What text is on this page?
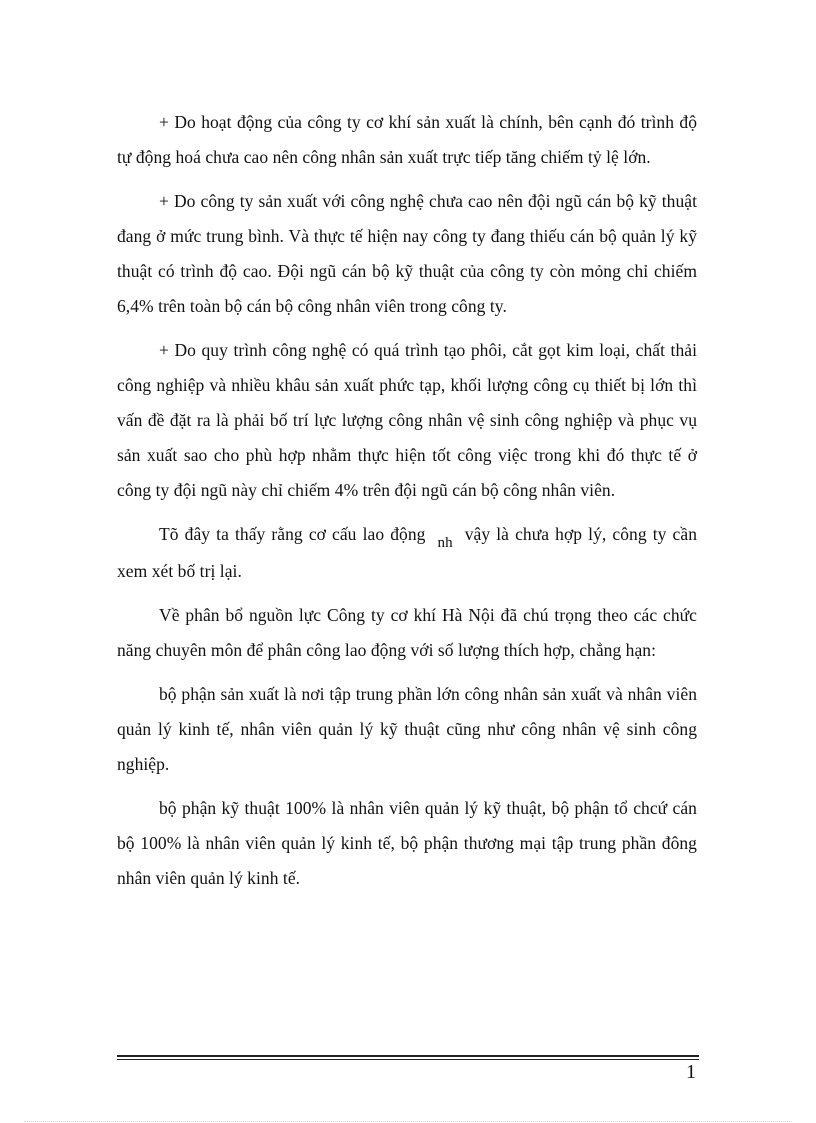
+ Do hoạt động của công ty cơ khí sản xuất là chính, bên cạnh đó trình độ tự động hoá chưa cao nên công nhân sản xuất trực tiếp tăng chiếm tỷ lệ lớn.

+ Do công ty sản xuất với công nghệ chưa cao nên đội ngũ cán bộ kỹ thuật đang ở mức trung bình. Và thực tế hiện nay công ty đang thiếu cán bộ quản lý kỹ thuật có trình độ cao. Đội ngũ cán bộ kỹ thuật của công ty còn mỏng chỉ chiếm 6,4% trên toàn bộ cán bộ công nhân viên trong công ty.

+ Do quy trình công nghệ có quá trình tạo phôi, cắt gọt kim loại, chất thải công nghiệp và nhiều khâu sản xuất phức tạp, khối lượng công cụ thiết bị lớn thì vấn đề đặt ra là phải bố trí lực lượng công nhân vệ sinh công nghiệp và phục vụ sản xuất sao cho phù hợp nhằm thực hiện tốt công việc trong khi đó thực tế ở công ty đội ngũ này chỉ chiếm 4% trên đội ngũ cán bộ công nhân viên.

Tõ đây ta thấy rằng cơ cấu lao động nh vậy là chưa hợp lý, công ty cần xem xét bố trị lại.

Về phân bổ nguồn lực Công ty cơ khí Hà Nội đã chú trọng theo các chức năng chuyên môn để phân công lao động với số lượng thích hợp, chẳng hạn:

bộ phận sản xuất là nơi tập trung phần lớn công nhân sản xuất và nhân viên quản lý kinh tế, nhân viên quản lý kỹ thuật cũng như công nhân vệ sinh công nghiệp.

bộ phận kỹ thuật 100% là nhân viên quản lý kỹ thuật, bộ phận tổ chcứ cán bộ 100% là nhân viên quản lý kinh tế, bộ phận thương mại tập trung phần đông nhân viên quản lý kinh tế.

1
